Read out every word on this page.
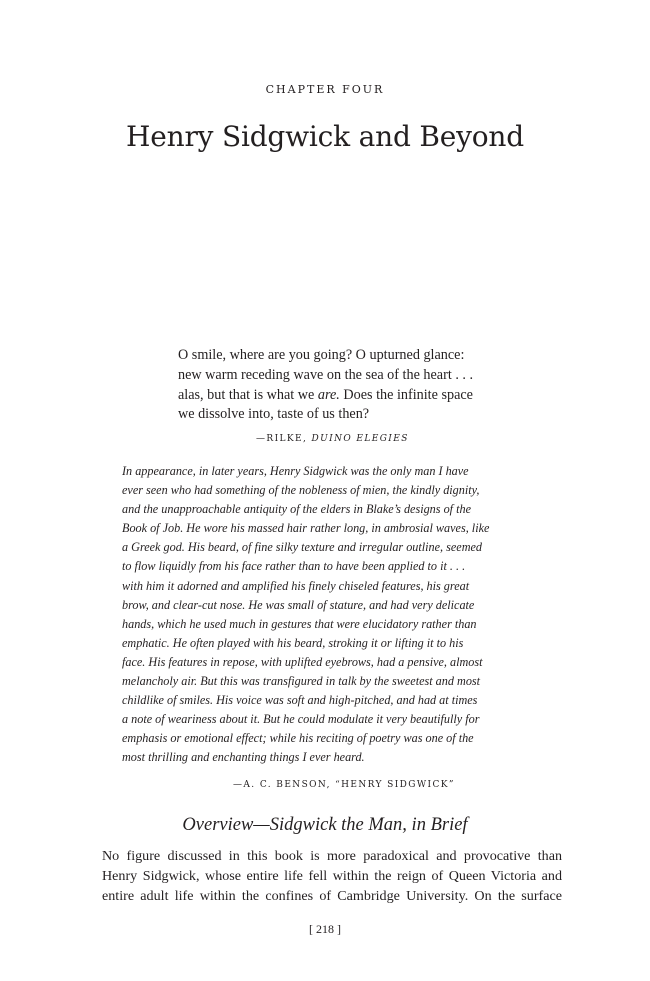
CHAPTER FOUR
Henry Sidgwick and Beyond
O smile, where are you going? O upturned glance:
new warm receding wave on the sea of the heart . . .
alas, but that is what we are. Does the infinite space
we dissolve into, taste of us then?
—RILKE, DUINO ELEGIES
In appearance, in later years, Henry Sidgwick was the only man I have
ever seen who had something of the nobleness of mien, the kindly dignity,
and the unapproachable antiquity of the elders in Blake’s designs of the
Book of Job. He wore his massed hair rather long, in ambrosial waves, like
a Greek god. His beard, of fine silky texture and irregular outline, seemed
to flow liquidly from his face rather than to have been applied to it . . .
with him it adorned and amplified his finely chiseled features, his great
brow, and clear-cut nose. He was small of stature, and had very delicate
hands, which he used much in gestures that were elucidatory rather than
emphatic. He often played with his beard, stroking it or lifting it to his
face. His features in repose, with uplifted eyebrows, had a pensive, almost
melancholy air. But this was transfigured in talk by the sweetest and most
childlike of smiles. His voice was soft and high-pitched, and had at times
a note of weariness about it. But he could modulate it very beautifully for
emphasis or emotional effect; while his reciting of poetry was one of the
most thrilling and enchanting things I ever heard.
—A. C. BENSON, “HENRY SIDGWICK”
Overview—Sidgwick the Man, in Brief
No figure discussed in this book is more paradoxical and provocative than
Henry Sidgwick, whose entire life fell within the reign of Queen Victoria and
entire adult life within the confines of Cambridge University. On the surface
[ 218 ]
